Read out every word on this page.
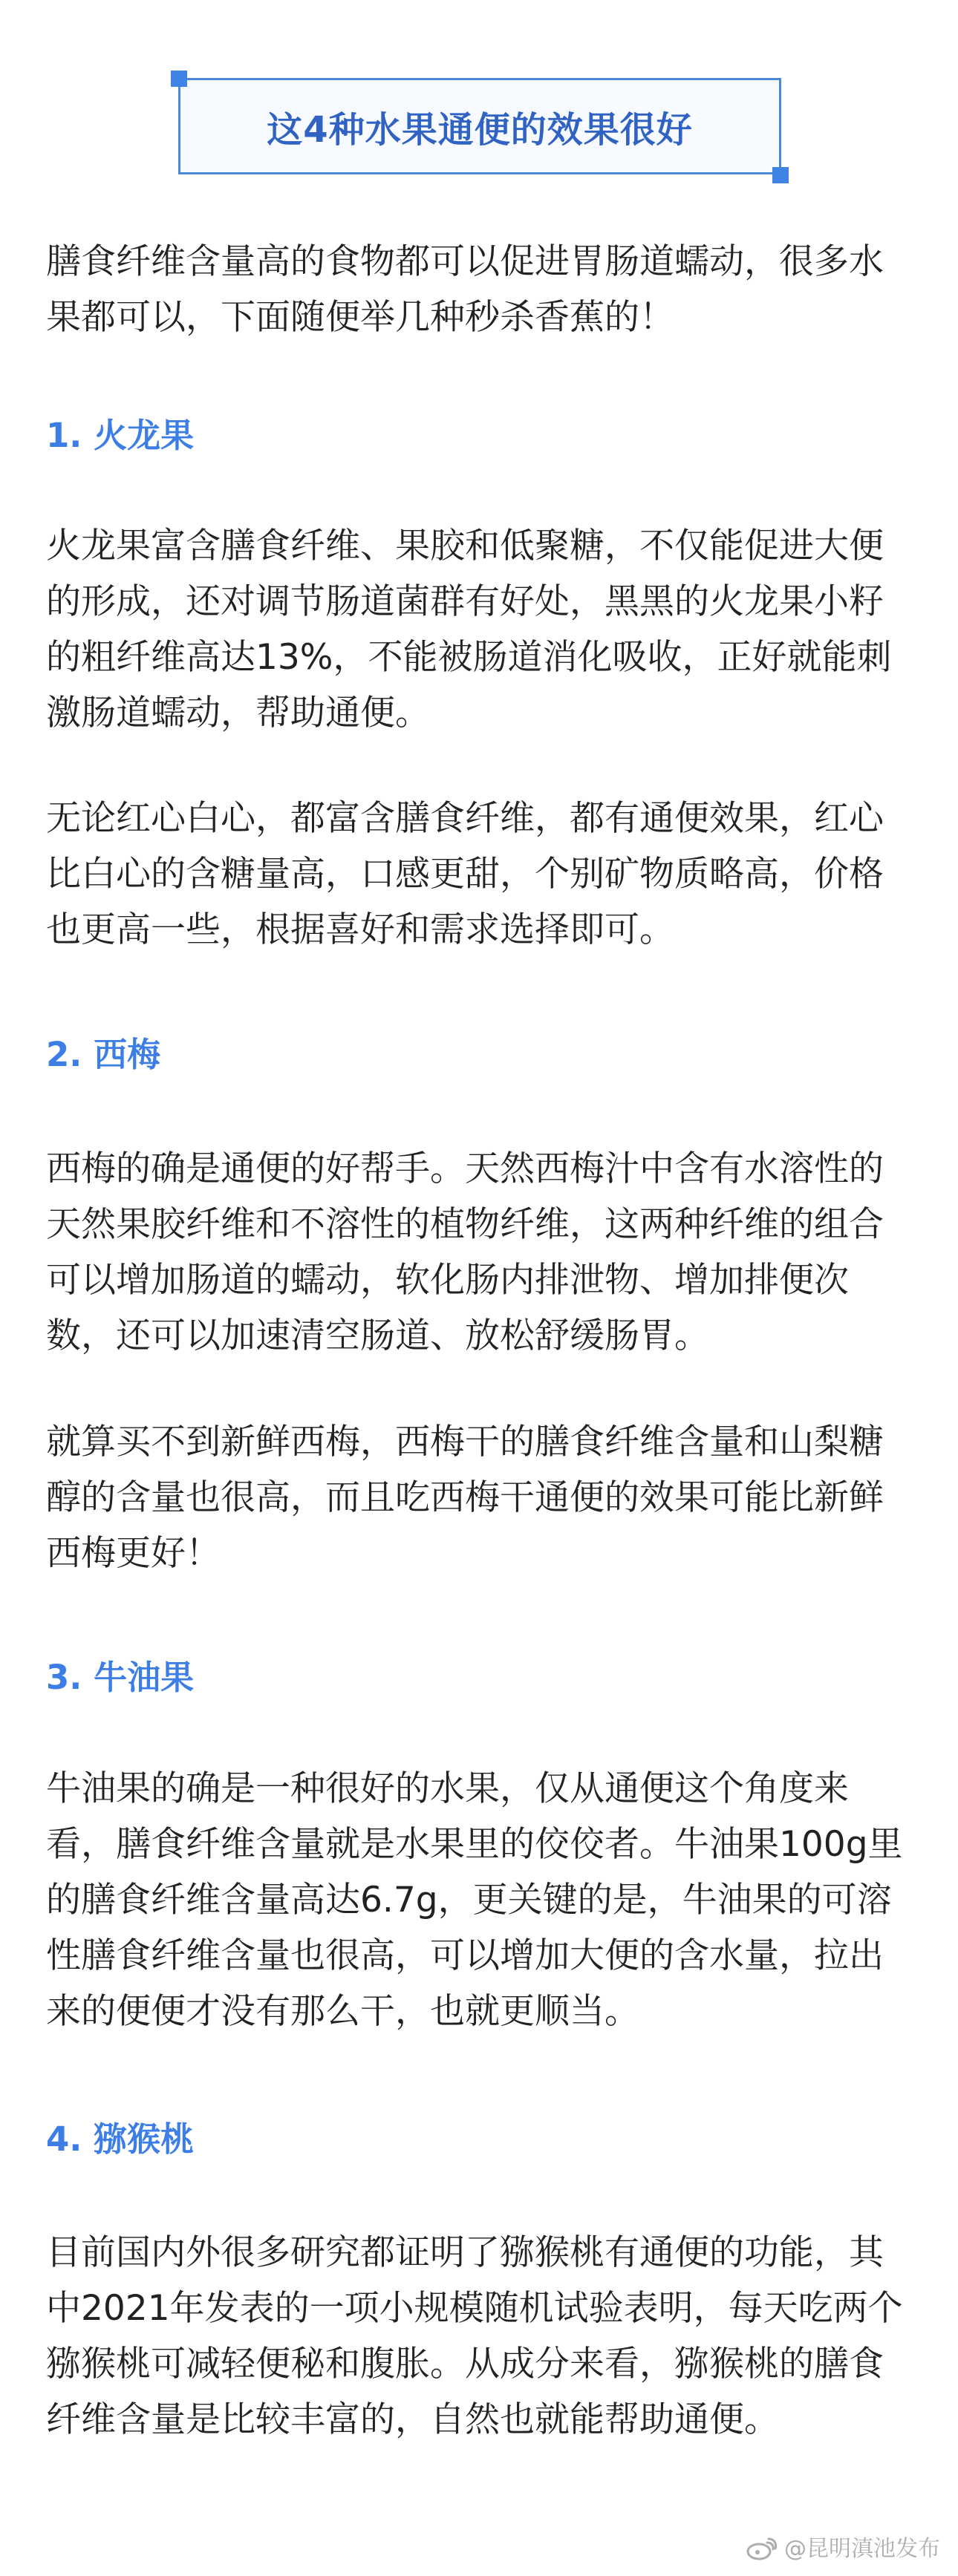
这4种水果通便的效果很好

膳食纤维含量高的食物都可以促进胃肠道蠕动，很多水果都可以，下面随便举几种秒杀香蕉的！

1. 火龙果

火龙果富含膳食纤维、果胶和低聚糖，不仅能促进大便的形成，还对调节肠道菌群有好处，黑黑的火龙果小籽的粗纤维高达13%，不能被肠道消化吸收，正好就能刺激肠道蠕动，帮助通便。

无论红心白心，都富含膳食纤维，都有通便效果，红心比白心的含糖量高，口感更甜，个别矿物质略高，价格也更高一些，根据喜好和需求选择即可。

2. 西梅

西梅的确是通便的好帮手。天然西梅汁中含有水溶性的天然果胶纤维和不溶性的植物纤维，这两种纤维的组合可以增加肠道的蠕动，软化肠内排泄物、增加排便次数，还可以加速清空肠道、放松舒缓肠胃。

就算买不到新鲜西梅，西梅干的膳食纤维含量和山梨糖醇的含量也很高，而且吃西梅干通便的效果可能比新鲜西梅更好！

3. 牛油果

牛油果的确是一种很好的水果，仅从通便这个角度来看，膳食纤维含量就是水果里的佼佼者。牛油果100g里的膳食纤维含量高达6.7g，更关键的是，牛油果的可溶性膳食纤维含量也很高，可以增加大便的含水量，拉出来的便便才没有那么干，也就更顺当。

4. 猕猴桃

目前国内外很多研究都证明了猕猴桃有通便的功能，其中2021年发表的一项小规模随机试验表明，每天吃两个猕猴桃可减轻便秘和腹胀。从成分来看，猕猴桃的膳食纤维含量是比较丰富的，自然也就能帮助通便。

@昆明滇池发布
